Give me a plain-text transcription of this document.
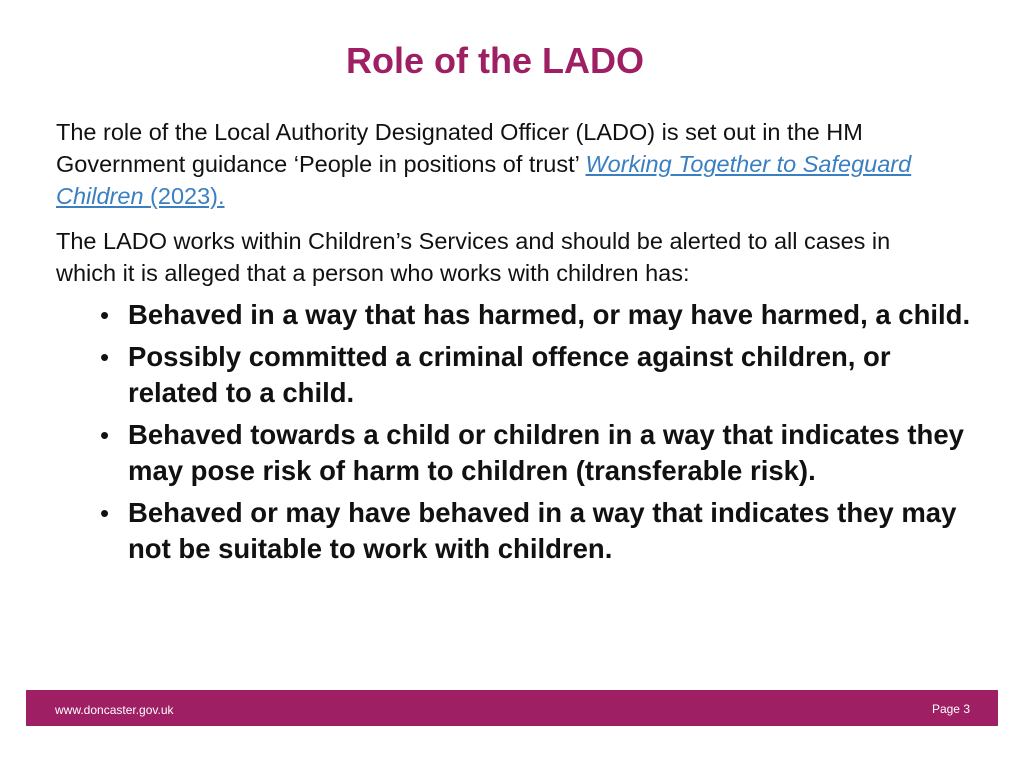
Role of the LADO

The role of the Local Authority Designated Officer (LADO) is set out in the HM Government guidance ‘People in positions of trust’ Working Together to Safeguard Children (2023).

The LADO works within Children’s Services and should be alerted to all cases in which it is alleged that a person who works with children has:

• Behaved in a way that has harmed, or may have harmed, a child.
• Possibly committed a criminal offence against children, or related to a child.
• Behaved towards a child or children in a way that indicates they may pose risk of harm to children (transferable risk).
• Behaved or may have behaved in a way that indicates they may not be suitable to work with children.
www.doncaster.gov.uk	Page 3
